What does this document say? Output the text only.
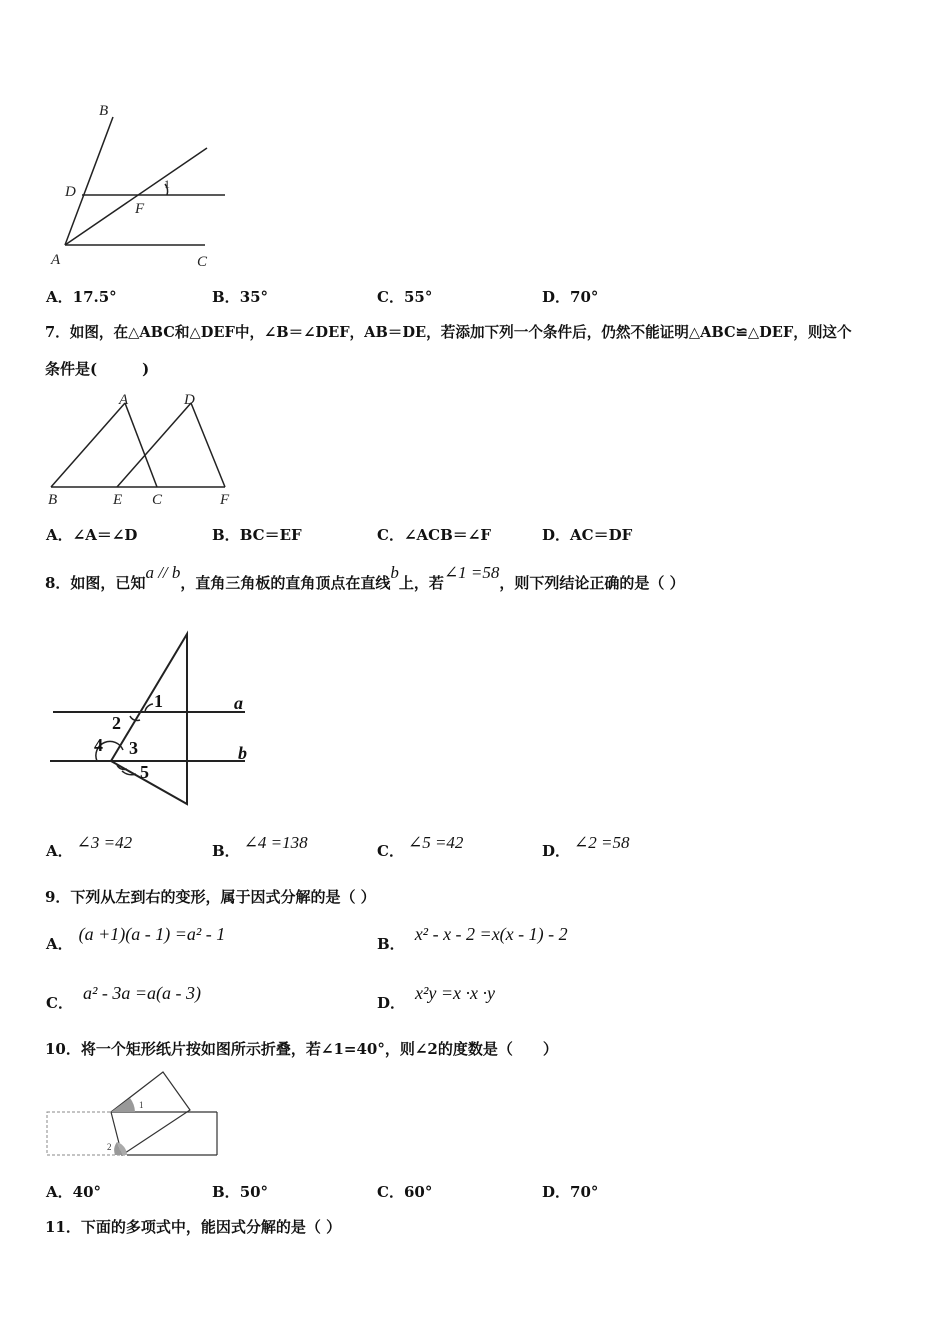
B
D	1
F
A	C
A．17.5°	B．35°	C．55°	D．70°
7．如图，在△ABC和△DEF中，∠B＝∠DEF，AB＝DE，若添加下列一个条件后，仍然不能证明△ABC≌△DEF，则这个
条件是(　　　)
A	D
B	E C	F
A．∠A＝∠D	B．BC＝EF	C．∠ACB＝∠F	D．AC＝DF
8．如图，已知a // b，直角三角板的直角顶点在直线b上，若∠1 =58，则下列结论正确的是（ ）
1	a
2
4 3	b
5
A． ∠3 =42	B． ∠4 =138	C． ∠5 =42	D． ∠2 =58
9．下列从左到右的变形，属于因式分解的是（ ）
A． (a +1)(a - 1) =a² - 1	B． x² - x - 2 =x(x - 1) - 2
C． a² - 3a =a(a - 3)	D． x²y =x ·x ·y
10．将一个矩形纸片按如图所示折叠，若∠1=40°，则∠2的度数是（　　）
1
2
A．40°	B．50°	C．60°	D．70°
11．下面的多项式中，能因式分解的是（ ）
